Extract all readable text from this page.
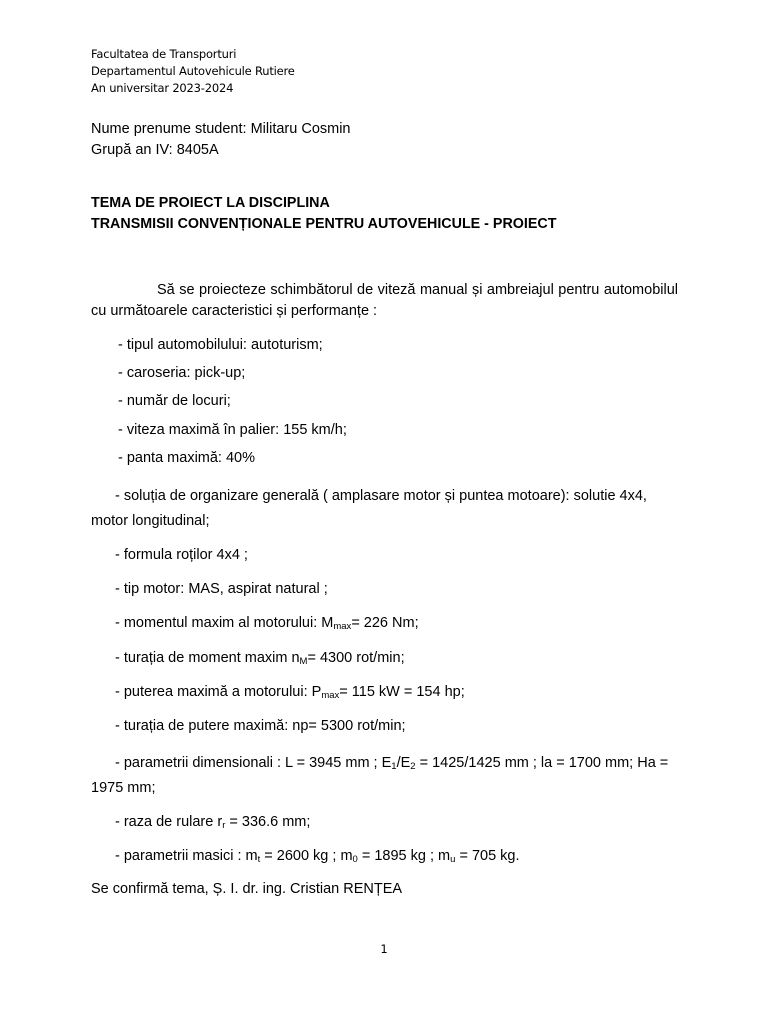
Facultatea de Transporturi
Departamentul Autovehicule Rutiere
An universitar 2023-2024
Nume prenume student: Militaru Cosmin
Grupă an IV: 8405A
TEMA DE PROIECT LA DISCIPLINA
TRANSMISII CONVENȚIONALE PENTRU AUTOVEHICULE - PROIECT
Să se proiecteze schimbătorul de viteză manual și ambreiajul pentru automobilul cu următoarele caracteristici și performanțe :
- tipul automobilului: autoturism;
- caroseria: pick-up;
- număr de locuri;
- viteza maximă în palier: 155 km/h;
- panta maximă: 40%
- soluția de organizare generală ( amplasare motor și puntea motoare): solutie 4x4, motor longitudinal;
- formula roților 4x4 ;
- tip motor: MAS, aspirat natural ;
- momentul maxim al motorului: $M_{max}= 226$ Nm;
- turația de moment maxim $n_M= 4300$ rot/min;
- puterea maximă a motorului: $P_{max}= 115$ kW = 154 hp;
- turația de putere maximă: np= 5300 rot/min;
- parametrii dimensionali : L = 3945 mm ; $E_1/E_2 = 1425/1425$ mm ; la = 1700 mm; Ha = 1975 mm;
- raza de rulare $r_r = 336.6$ mm;
- parametrii masici : $m_t = 2600$ kg ; $m_0 = 1895$ kg ; $m_u = 705$ kg.
Se confirmă tema, Ș. I. dr. ing. Cristian RENȚEA
1
